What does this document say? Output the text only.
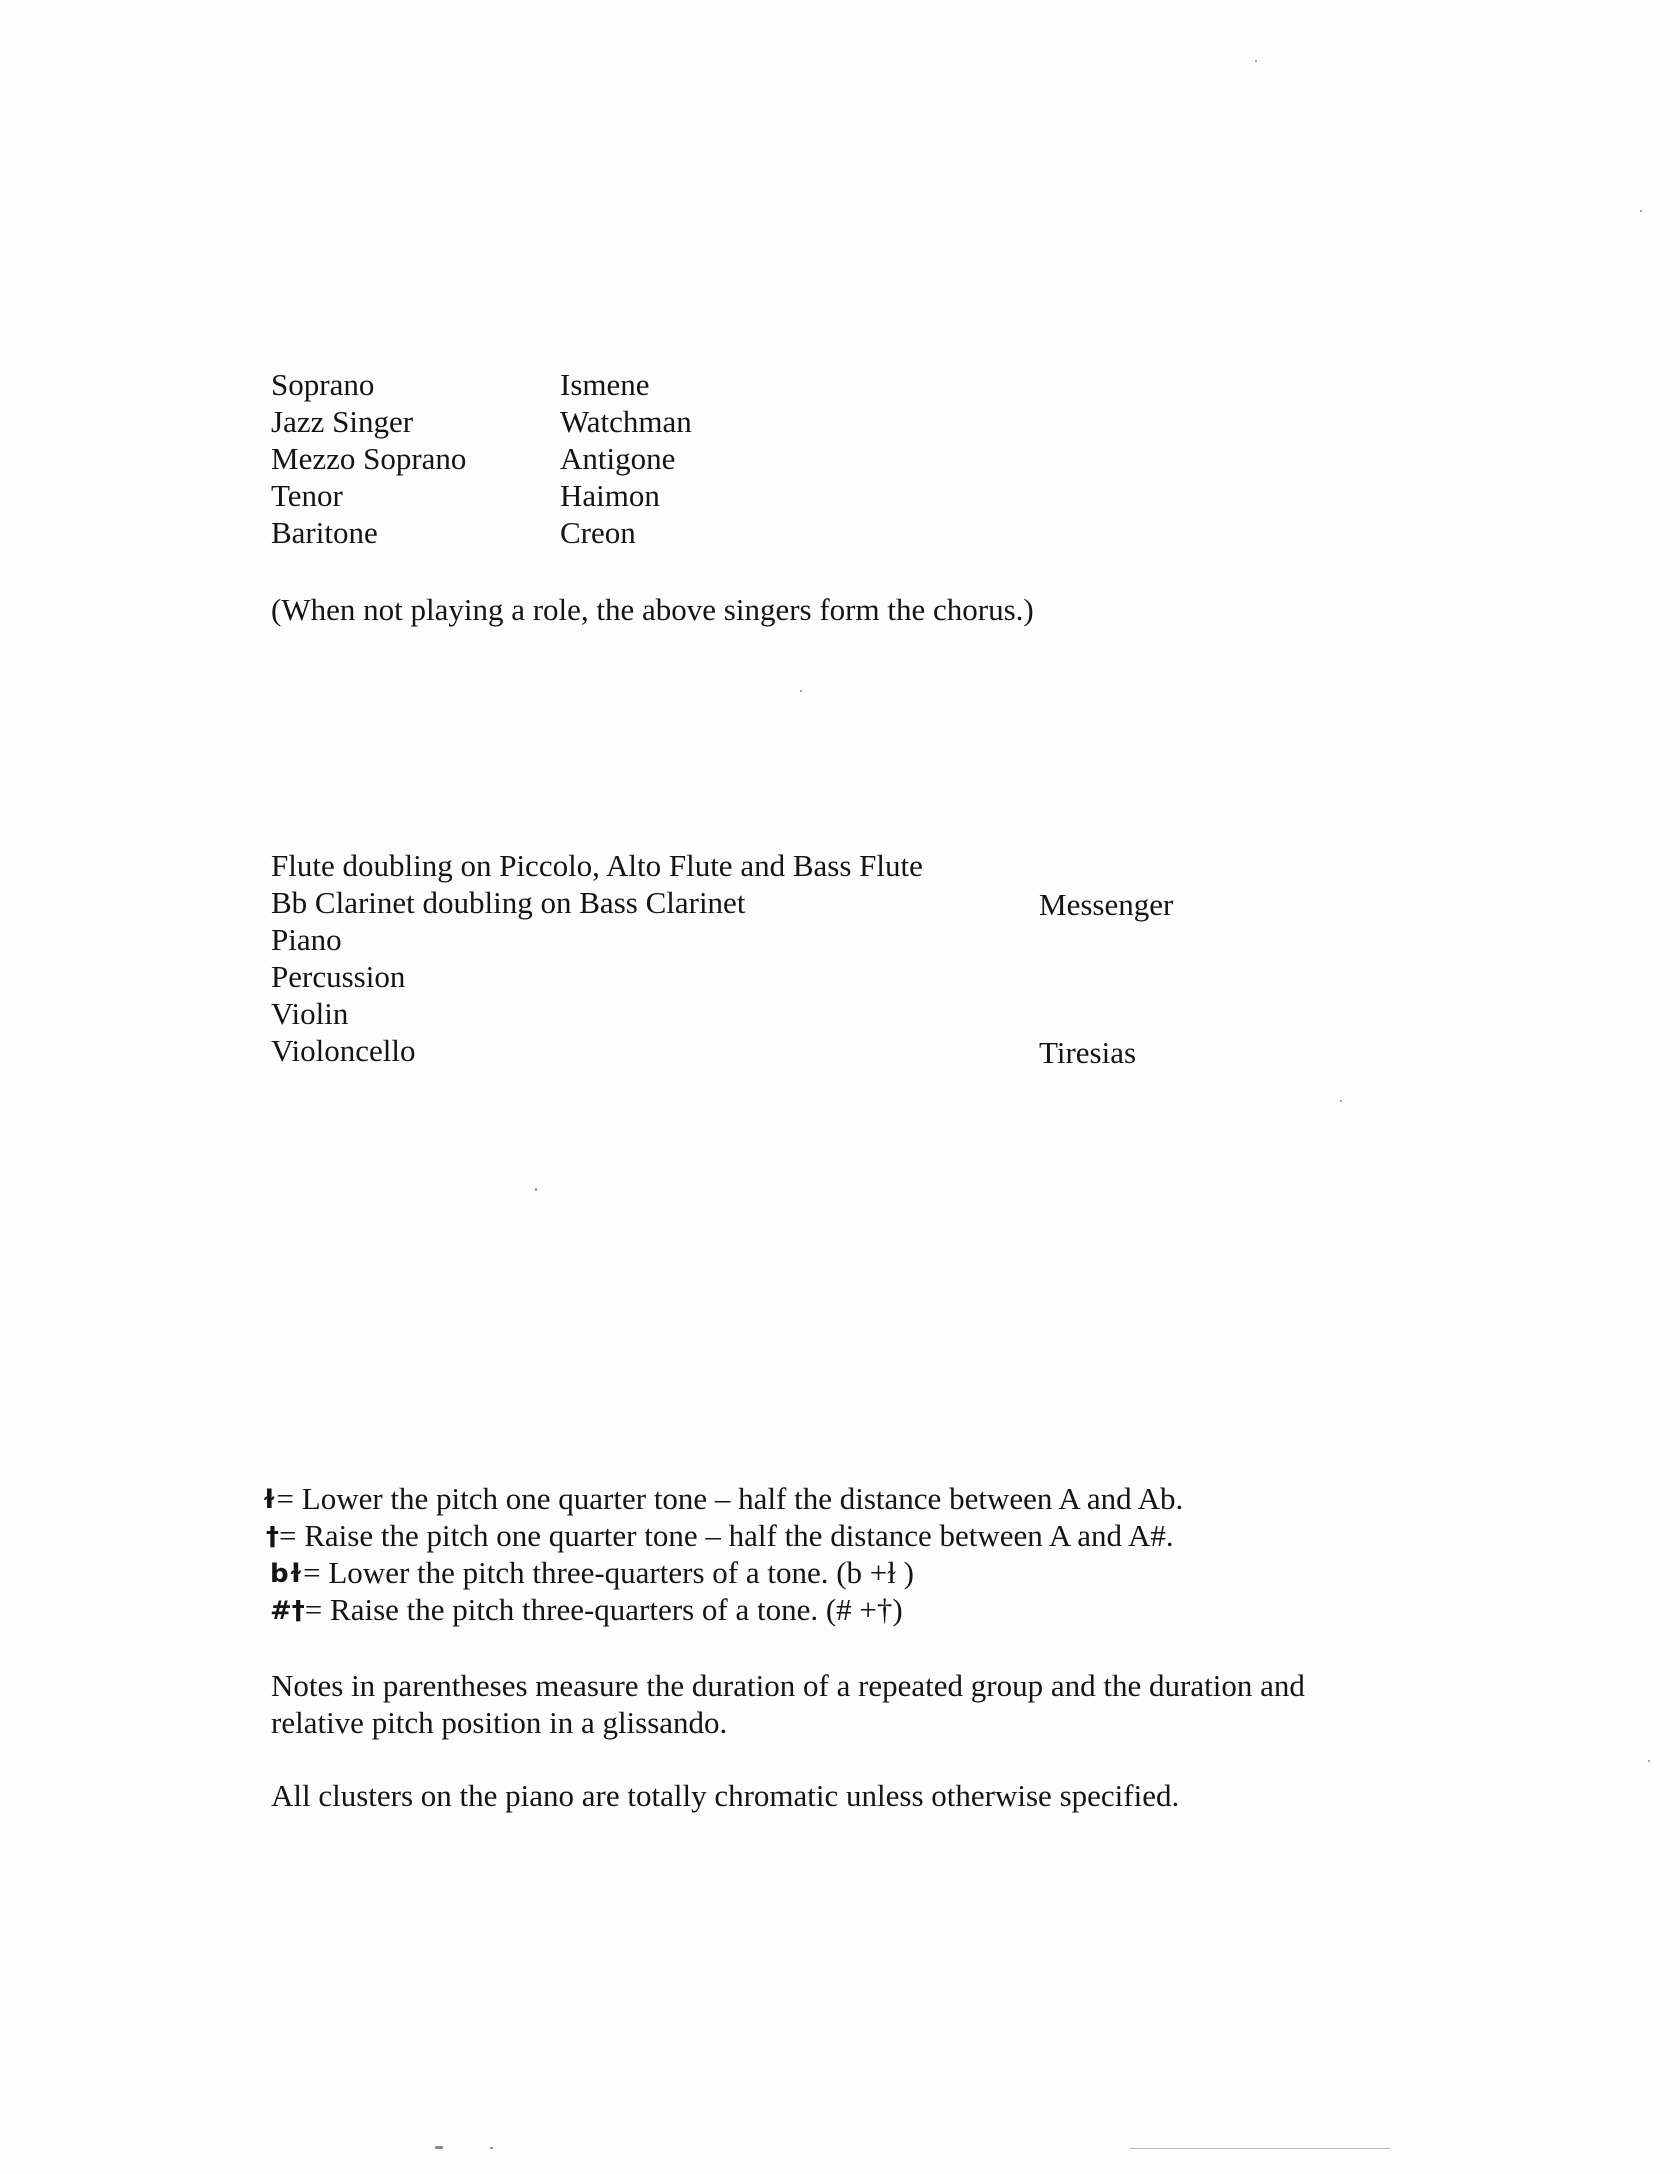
Soprano	Ismene
Jazz Singer	Watchman
Mezzo Soprano	Antigone
Tenor	Haimon
Baritone	Creon
(When not playing a role, the above singers form the chorus.)
Flute doubling on Piccolo, Alto Flute and Bass Flute
Bb Clarinet doubling on Bass Clarinet	Messenger
Piano
Percussion
Violin
Violoncello	Tiresias
ɫ= Lower the pitch one quarter tone – half the distance between A and Ab.
†= Raise the pitch one quarter tone – half the distance between A and A#.
bɫ= Lower the pitch three-quarters of a tone. (b +ɫ )
#†= Raise the pitch three-quarters of a tone. (# +†)
Notes in parentheses measure the duration of a repeated group and the duration and
relative pitch position in a glissando.
All clusters on the piano are totally chromatic unless otherwise specified.
